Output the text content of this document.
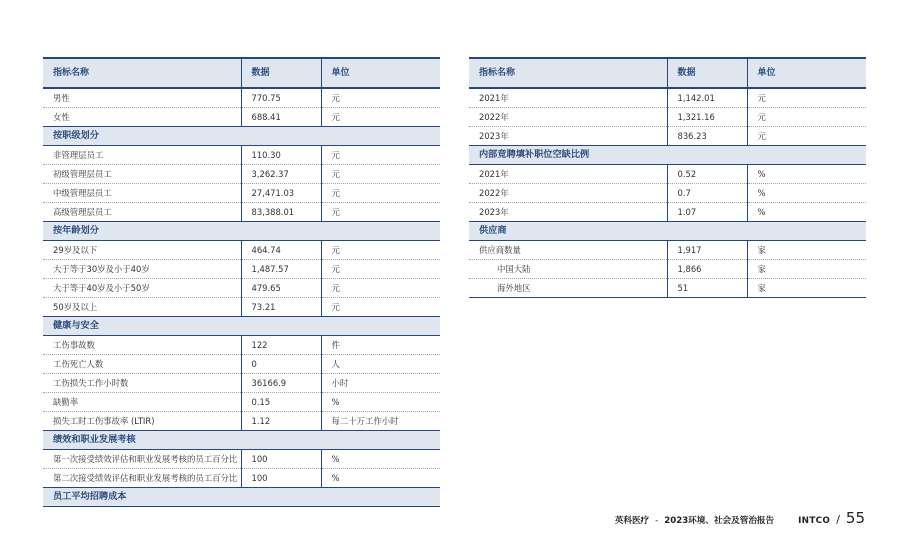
指标名称	数据	单位
男性	770.75	元
女性	688.41	元
按职级划分		
非管理层员工	110.30	元
初级管理层员工	3,262.37	元
中级管理层员工	27,471.03	元
高级管理层员工	83,388.01	元
按年龄划分		
29岁及以下	464.74	元
大于等于30岁及小于40岁	1,487.57	元
大于等于40岁及小于50岁	479.65	元
50岁及以上	73.21	元
健康与安全		
工伤事故数	122	件
工伤死亡人数	0	人
工伤损失工作小时数	36166.9	小时
缺勤率	0.15	%
损失工时工伤事故率 (LTIR)	1.12	每二十万工作小时
绩效和职业发展考核		
第一次接受绩效评估和职业发展考核的员工百分比	100	%
第二次接受绩效评估和职业发展考核的员工百分比	100	%
员工平均招聘成本		
指标名称	数据	单位
2021年	1,142.01	元
2022年	1,321.16	元
2023年	836.23	元
内部竞聘填补职位空缺比例		
2021年	0.52	%
2022年	0.7	%
2023年	1.07	%
供应商		
供应商数量	1,917	家
中国大陆	1,866	家
海外地区	51	家
英科医疗 - 2023环境、社会及管治报告	INTCO / 55
